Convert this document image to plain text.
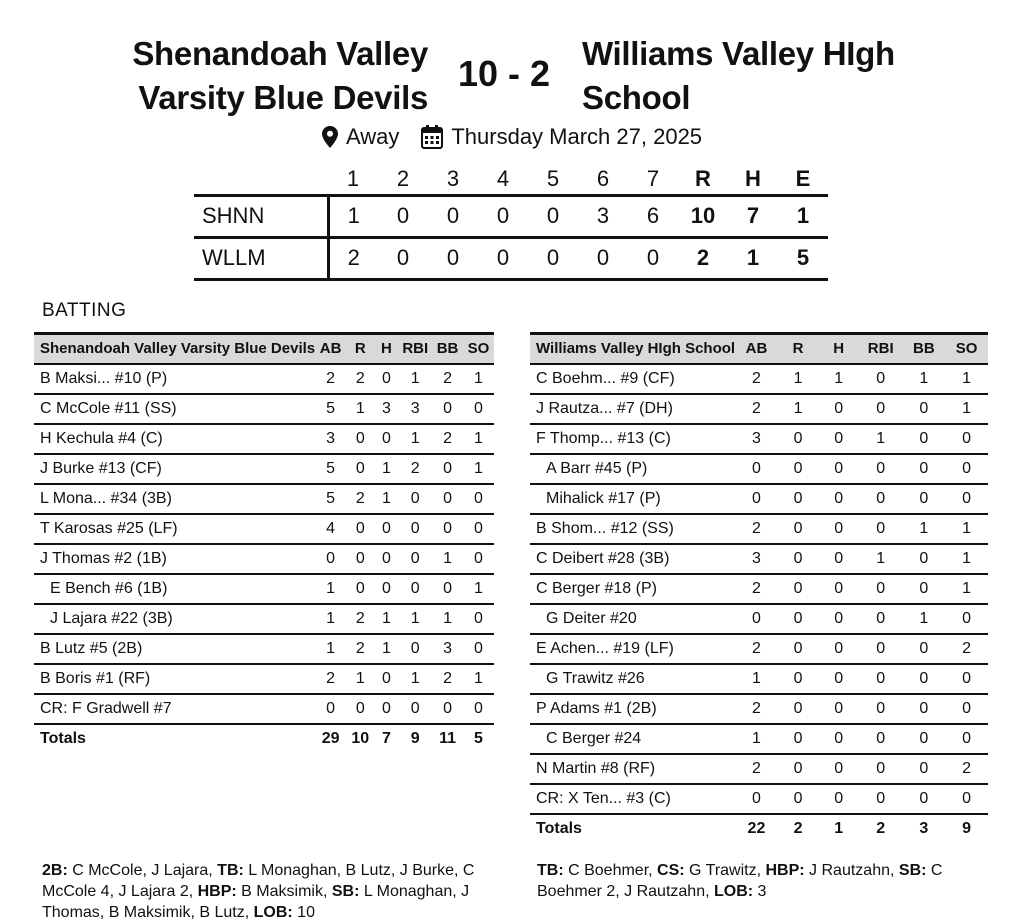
Shenandoah Valley
Varsity Blue Devils
10 - 2 Williams Valley HIgh
School
Away Thursday March 27, 2025
	1	2	3	4	5	6	7	R	H	E
SHNN	1	0	0	0	0	3	6	10	7	1
WLLM	2	0	0	0	0	0	0	2	1	5
BATTING
Shenandoah Valley Varsity Blue Devils	AB	R	H	RBI	BB	SO
B Maksi... #10 (P)	2	2	0	1	2	1
C McCole #11 (SS)	5	1	3	3	0	0
H Kechula #4 (C)	3	0	0	1	2	1
J Burke #13 (CF)	5	0	1	2	0	1
L Mona... #34 (3B)	5	2	1	0	0	0
T Karosas #25 (LF)	4	0	0	0	0	0
J Thomas #2 (1B)	0	0	0	0	1	0
E Bench #6 (1B)	1	0	0	0	0	1
J Lajara #22 (3B)	1	2	1	1	1	0
B Lutz #5 (2B)	1	2	1	0	3	0
B Boris #1 (RF)	2	1	0	1	2	1
CR: F Gradwell #7	0	0	0	0	0	0
Totals	29	10	7	9	11	5
Williams Valley HIgh School	AB	R	H	RBI	BB	SO
C Boehm... #9 (CF)	2	1	1	0	1	1
J Rautza... #7 (DH)	2	1	0	0	0	1
F Thomp... #13 (C)	3	0	0	1	0	0
A Barr #45 (P)	0	0	0	0	0	0
Mihalick #17 (P)	0	0	0	0	0	0
B Shom... #12 (SS)	2	0	0	0	1	1
C Deibert #28 (3B)	3	0	0	1	0	1
C Berger #18 (P)	2	0	0	0	0	1
G Deiter #20	0	0	0	0	1	0
E Achen... #19 (LF)	2	0	0	0	0	2
G Trawitz #26	1	0	0	0	0	0
P Adams #1 (2B)	2	0	0	0	0	0
C Berger #24	1	0	0	0	0	0
N Martin #8 (RF)	2	0	0	0	0	2
CR: X Ten... #3 (C)	0	0	0	0	0	0
Totals	22	2	1	2	3	9
2B: C McCole, J Lajara, TB: L Monaghan, B Lutz, J Burke, C McCole 4, J Lajara 2, HBP: B Maksimik, SB: L Monaghan, J Thomas, B Maksimik, B Lutz, LOB: 10
TB: C Boehmer, CS: G Trawitz, HBP: J Rautzahn, SB: C Boehmer 2, J Rautzahn, LOB: 3
